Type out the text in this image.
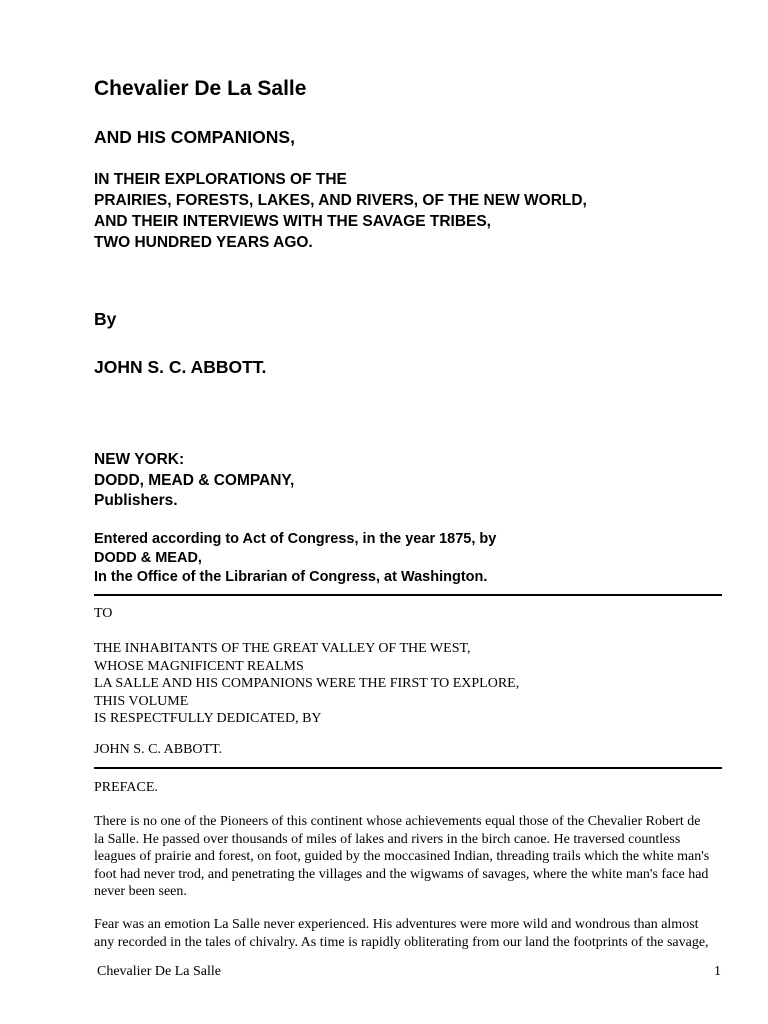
Chevalier De La Salle
AND HIS COMPANIONS,
IN THEIR EXPLORATIONS OF THE
PRAIRIES, FORESTS, LAKES, AND RIVERS, OF THE NEW WORLD,
AND THEIR INTERVIEWS WITH THE SAVAGE TRIBES,
TWO HUNDRED YEARS AGO.
By
JOHN S. C. ABBOTT.
NEW YORK:
DODD, MEAD & COMPANY,
Publishers.
Entered according to Act of Congress, in the year 1875, by
DODD & MEAD,
In the Office of the Librarian of Congress, at Washington.
TO
THE INHABITANTS OF THE GREAT VALLEY OF THE WEST,
WHOSE MAGNIFICENT REALMS
LA SALLE AND HIS COMPANIONS WERE THE FIRST TO EXPLORE,
THIS VOLUME
IS RESPECTFULLY DEDICATED, BY
JOHN S. C. ABBOTT.
PREFACE.
There is no one of the Pioneers of this continent whose achievements equal those of the Chevalier Robert de
la Salle. He passed over thousands of miles of lakes and rivers in the birch canoe. He traversed countless
leagues of prairie and forest, on foot, guided by the moccasined Indian, threading trails which the white man's
foot had never trod, and penetrating the villages and the wigwams of savages, where the white man's face had
never been seen.
Fear was an emotion La Salle never experienced. His adventures were more wild and wondrous than almost
any recorded in the tales of chivalry. As time is rapidly obliterating from our land the footprints of the savage,
Chevalier De La Salle	1
